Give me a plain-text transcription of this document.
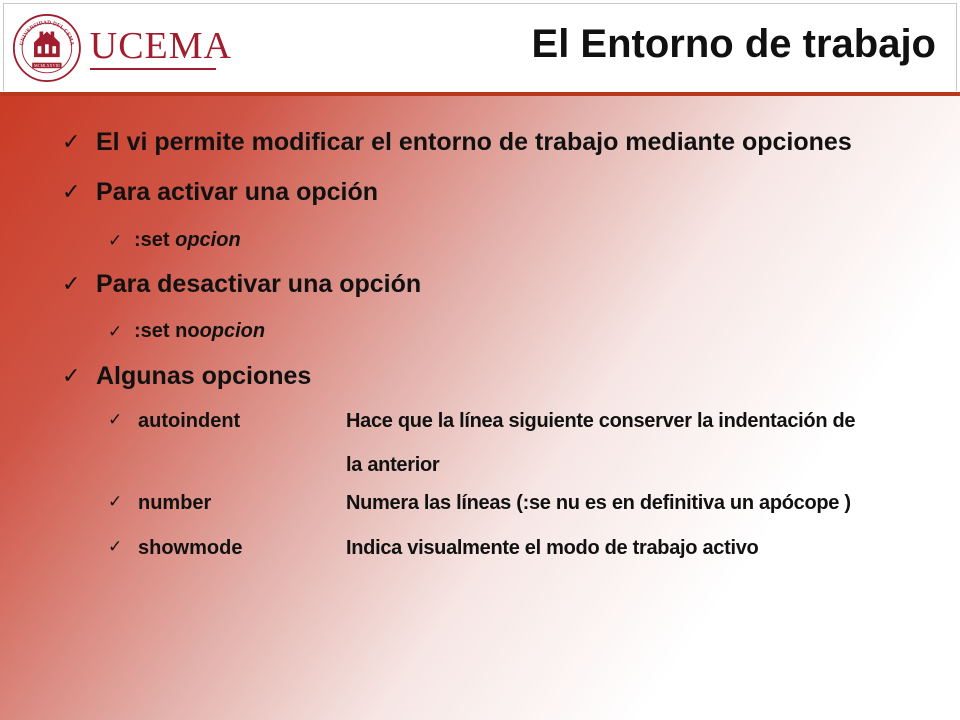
MCMLXXVIII
UNIVERSIDAD DEL CEMA UCEMA	El Entorno de trabajo
✓ El vi permite modificar el entorno de trabajo mediante opciones
✓ Para activar una opción
✓ :set opcion
✓ Para desactivar una opción
✓ :set no opcion
✓ Algunas opciones
✓ autoindent	Hace que la línea siguiente conserver la indentación de
la anterior
✓ number	Numera las líneas (:se nu es en definitiva un apócope )
✓ showmode	Indica visualmente el modo de trabajo activo
